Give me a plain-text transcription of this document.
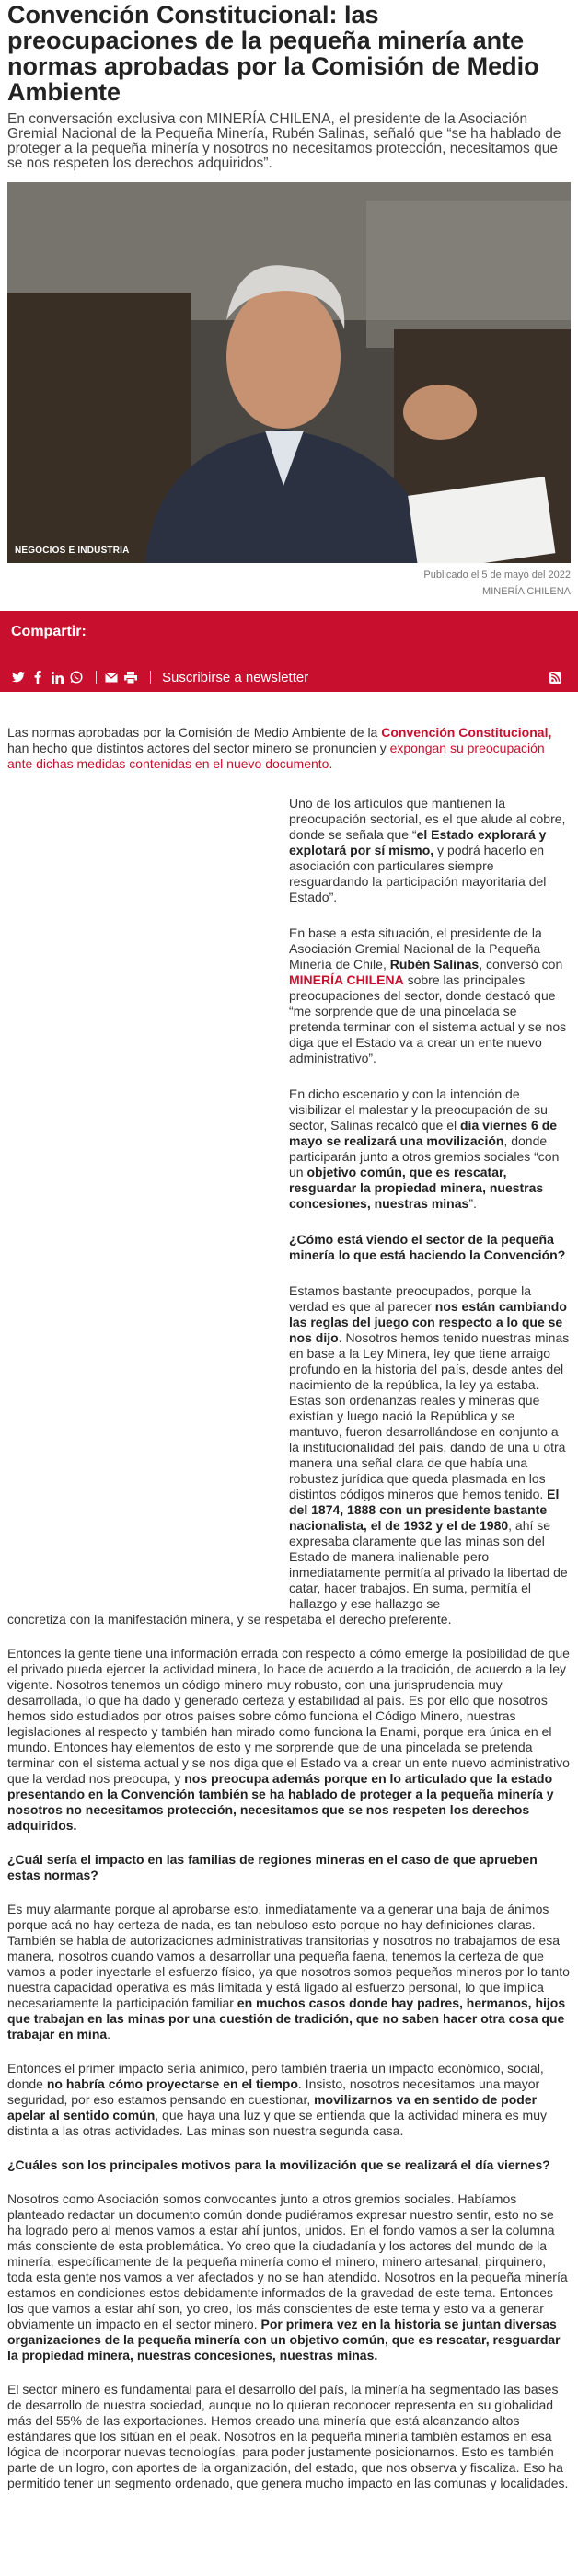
Convención Constitucional: las preocupaciones de la pequeña minería ante normas aprobadas por la Comisión de Medio Ambiente

En conversación exclusiva con MINERÍA CHILENA, el presidente de la Asociación Gremial Nacional de la Pequeña Minería, Rubén Salinas, señaló que “se ha hablado de proteger a la pequeña minería y nosotros no necesitamos protección, necesitamos que se nos respeten los derechos adquiridos”.

NEGOCIOS E INDUSTRIA
Publicado el 5 de mayo del 2022
MINERÍA CHILENA
Compartir:
Suscribirse a newsletter

Las normas aprobadas por la Comisión de Medio Ambiente de la Convención Constitucional, han hecho que distintos actores del sector minero se pronuncien y expongan su preocupación ante dichas medidas contenidas en el nuevo documento.

Uno de los artículos que mantienen la preocupación sectorial, es el que alude al cobre, donde se señala que “el Estado explorará y explotará por sí mismo, y podrá hacerlo en asociación con particulares siempre resguardando la participación mayoritaria del Estado”.

En base a esta situación, el presidente de la Asociación Gremial Nacional de la Pequeña Minería de Chile, Rubén Salinas, conversó con MINERÍA CHILENA sobre las principales preocupaciones del sector, donde destacó que “me sorprende que de una pincelada se pretenda terminar con el sistema actual y se nos diga que el Estado va a crear un ente nuevo administrativo”.

En dicho escenario y con la intención de visibilizar el malestar y la preocupación de su sector, Salinas recalcó que el día viernes 6 de mayo se realizará una movilización, donde participarán junto a otros gremios sociales “con un objetivo común, que es rescatar, resguardar la propiedad minera, nuestras concesiones, nuestras minas”.

¿Cómo está viendo el sector de la pequeña minería lo que está haciendo la Convención?

Estamos bastante preocupados, porque la verdad es que al parecer nos están cambiando las reglas del juego con respecto a lo que se nos dijo. Nosotros hemos tenido nuestras minas en base a la Ley Minera, ley que tiene arraigo profundo en la historia del país, desde antes del nacimiento de la república, la ley ya estaba. Estas son ordenanzas reales y mineras que existían y luego nació la República y se mantuvo, fueron desarrollándose en conjunto a la institucionalidad del país, dando de una u otra manera una señal clara de que había una robustez jurídica que queda plasmada en los distintos códigos mineros que hemos tenido. El del 1874, 1888 con un presidente bastante nacionalista, el de 1932 y el de 1980, ahí se expresaba claramente que las minas son del Estado de manera inalienable pero inmediatamente permitía al privado la libertad de catar, hacer trabajos. En suma, permitía el hallazgo y ese hallazgo se

concretiza con la manifestación minera, y se respetaba el derecho preferente.

Entonces la gente tiene una información errada con respecto a cómo emerge la posibilidad de que el privado pueda ejercer la actividad minera, lo hace de acuerdo a la tradición, de acuerdo a la ley vigente. Nosotros tenemos un código minero muy robusto, con una jurisprudencia muy desarrollada, lo que ha dado y generado certeza y estabilidad al país. Es por ello que nosotros hemos sido estudiados por otros países sobre cómo funciona el Código Minero, nuestras legislaciones al respecto y también han mirado como funciona la Enami, porque era única en el mundo. Entonces hay elementos de esto y me sorprende que de una pincelada se pretenda terminar con el sistema actual y se nos diga que el Estado va a crear un ente nuevo administrativo que la verdad nos preocupa, y nos preocupa además porque en lo articulado que la estado presentando en la Convención también se ha hablado de proteger a la pequeña minería y nosotros no necesitamos protección, necesitamos que se nos respeten los derechos adquiridos.

¿Cuál sería el impacto en las familias de regiones mineras en el caso de que aprueben estas normas?

Es muy alarmante porque al aprobarse esto, inmediatamente va a generar una baja de ánimos porque acá no hay certeza de nada, es tan nebuloso esto porque no hay definiciones claras. También se habla de autorizaciones administrativas transitorias y nosotros no trabajamos de esa manera, nosotros cuando vamos a desarrollar una pequeña faena, tenemos la certeza de que vamos a poder inyectarle el esfuerzo físico, ya que nosotros somos pequeños mineros por lo tanto nuestra capacidad operativa es más limitada y está ligado al esfuerzo personal, lo que implica necesariamente la participación familiar en muchos casos donde hay padres, hermanos, hijos que trabajan en las minas por una cuestión de tradición, que no saben hacer otra cosa que trabajar en mina.

Entonces el primer impacto sería anímico, pero también traería un impacto económico, social, donde no habría cómo proyectarse en el tiempo. Insisto, nosotros necesitamos una mayor seguridad, por eso estamos pensando en cuestionar, movilizarnos va en sentido de poder apelar al sentido común, que haya una luz y que se entienda que la actividad minera es muy distinta a las otras actividades. Las minas son nuestra segunda casa.

¿Cuáles son los principales motivos para la movilización que se realizará el día viernes?

Nosotros como Asociación somos convocantes junto a otros gremios sociales. Habíamos planteado redactar un documento común donde pudiéramos expresar nuestro sentir, esto no se ha logrado pero al menos vamos a estar ahí juntos, unidos. En el fondo vamos a ser la columna más consciente de esta problemática. Yo creo que la ciudadanía y los actores del mundo de la minería, específicamente de la pequeña minería como el minero, minero artesanal, pirquinero, toda esta gente nos vamos a ver afectados y no se han atendido. Nosotros en la pequeña minería estamos en condiciones estos debidamente informados de la gravedad de este tema. Entonces los que vamos a estar ahí son, yo creo, los más conscientes de este tema y esto va a generar obviamente un impacto en el sector minero. Por primera vez en la historia se juntan diversas organizaciones de la pequeña minería con un objetivo común, que es rescatar, resguardar la propiedad minera, nuestras concesiones, nuestras minas.

El sector minero es fundamental para el desarrollo del país, la minería ha segmentado las bases de desarrollo de nuestra sociedad, aunque no lo quieran reconocer representa en su globalidad más del 55% de las exportaciones. Hemos creado una minería que está alcanzando altos estándares que los sitúan en el peak. Nosotros en la pequeña minería también estamos en esa lógica de incorporar nuevas tecnologías, para poder justamente posicionarnos. Esto es también parte de un logro, con aportes de la organización, del estado, que nos observa y fiscaliza. Eso ha permitido tener un segmento ordenado, que genera mucho impacto en las comunas y localidades.
